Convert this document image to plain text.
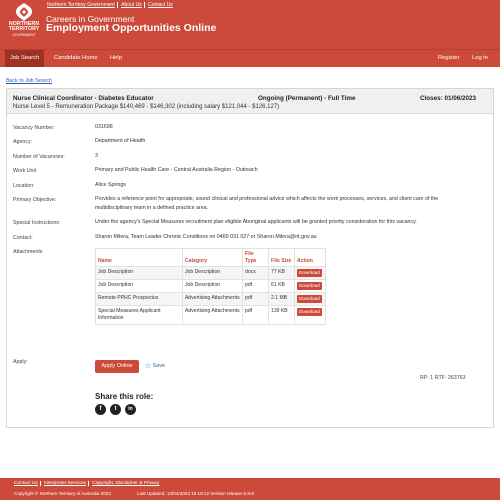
NORTHERN
TERRITORY
GOVERNMENT
Northern Territory Government About Us Contact Us
Careers in Government
Employment Opportunities Online
Job Search	Candidate Home	Help	Register	Log in
Back to Job Search
Nurse Clinical Coordinator - Diabetes Educator	Ongoing (Permanent) - Full Time	Closes: 01/06/2023
Nurse Level 5 - Remuneration Package $140,469 - $146,302 (including salary $121,044 - $126,127)
Vacancy Number:	031698
Agency:	Department of Health
Number of Vacancies:	3
Work Unit	Primary and Public Health Care - Central Australia Region - Outreach
Location:	Alice Springs
Primary Objective:	Provides a reference point for appropriate, sound clinical and professional advice which affects the work processes, services, and client care of the multidisciplinary team in a defined practice area.
Special Instructions:	Under the agency's Special Measures recruitment plan eligible Aboriginal applicants will be granted priority consideration for this vacancy.
Contact:	Sharon Milera, Team Leader Chronic Conditions on 0460 031 027 or Sharon.Milera@nt.gov.au
Attachments
Name	Category	File Type	File Size	Action
Job Description	Job Description	docx	77 KB	Download
Job Description	Job Description	pdf	61 KB	Download
Remote PPHC Prospectus	Advertising Attachments	pdf	2.1 MB	Download
Special Measures Applicant Information	Advertising Attachments	pdf	139 KB	Download
Apply:
Apply Online	☆ Save
RP: 1 RTF: 263763
Share this role:
f	t	in
Contact Us Interpreter Services Copyright, Disclaimer & Privacy
Copyright © Northern Territory of Australia 2023	Last Updated: 13/04/2023 18:19:12 Version release-5.8-6
